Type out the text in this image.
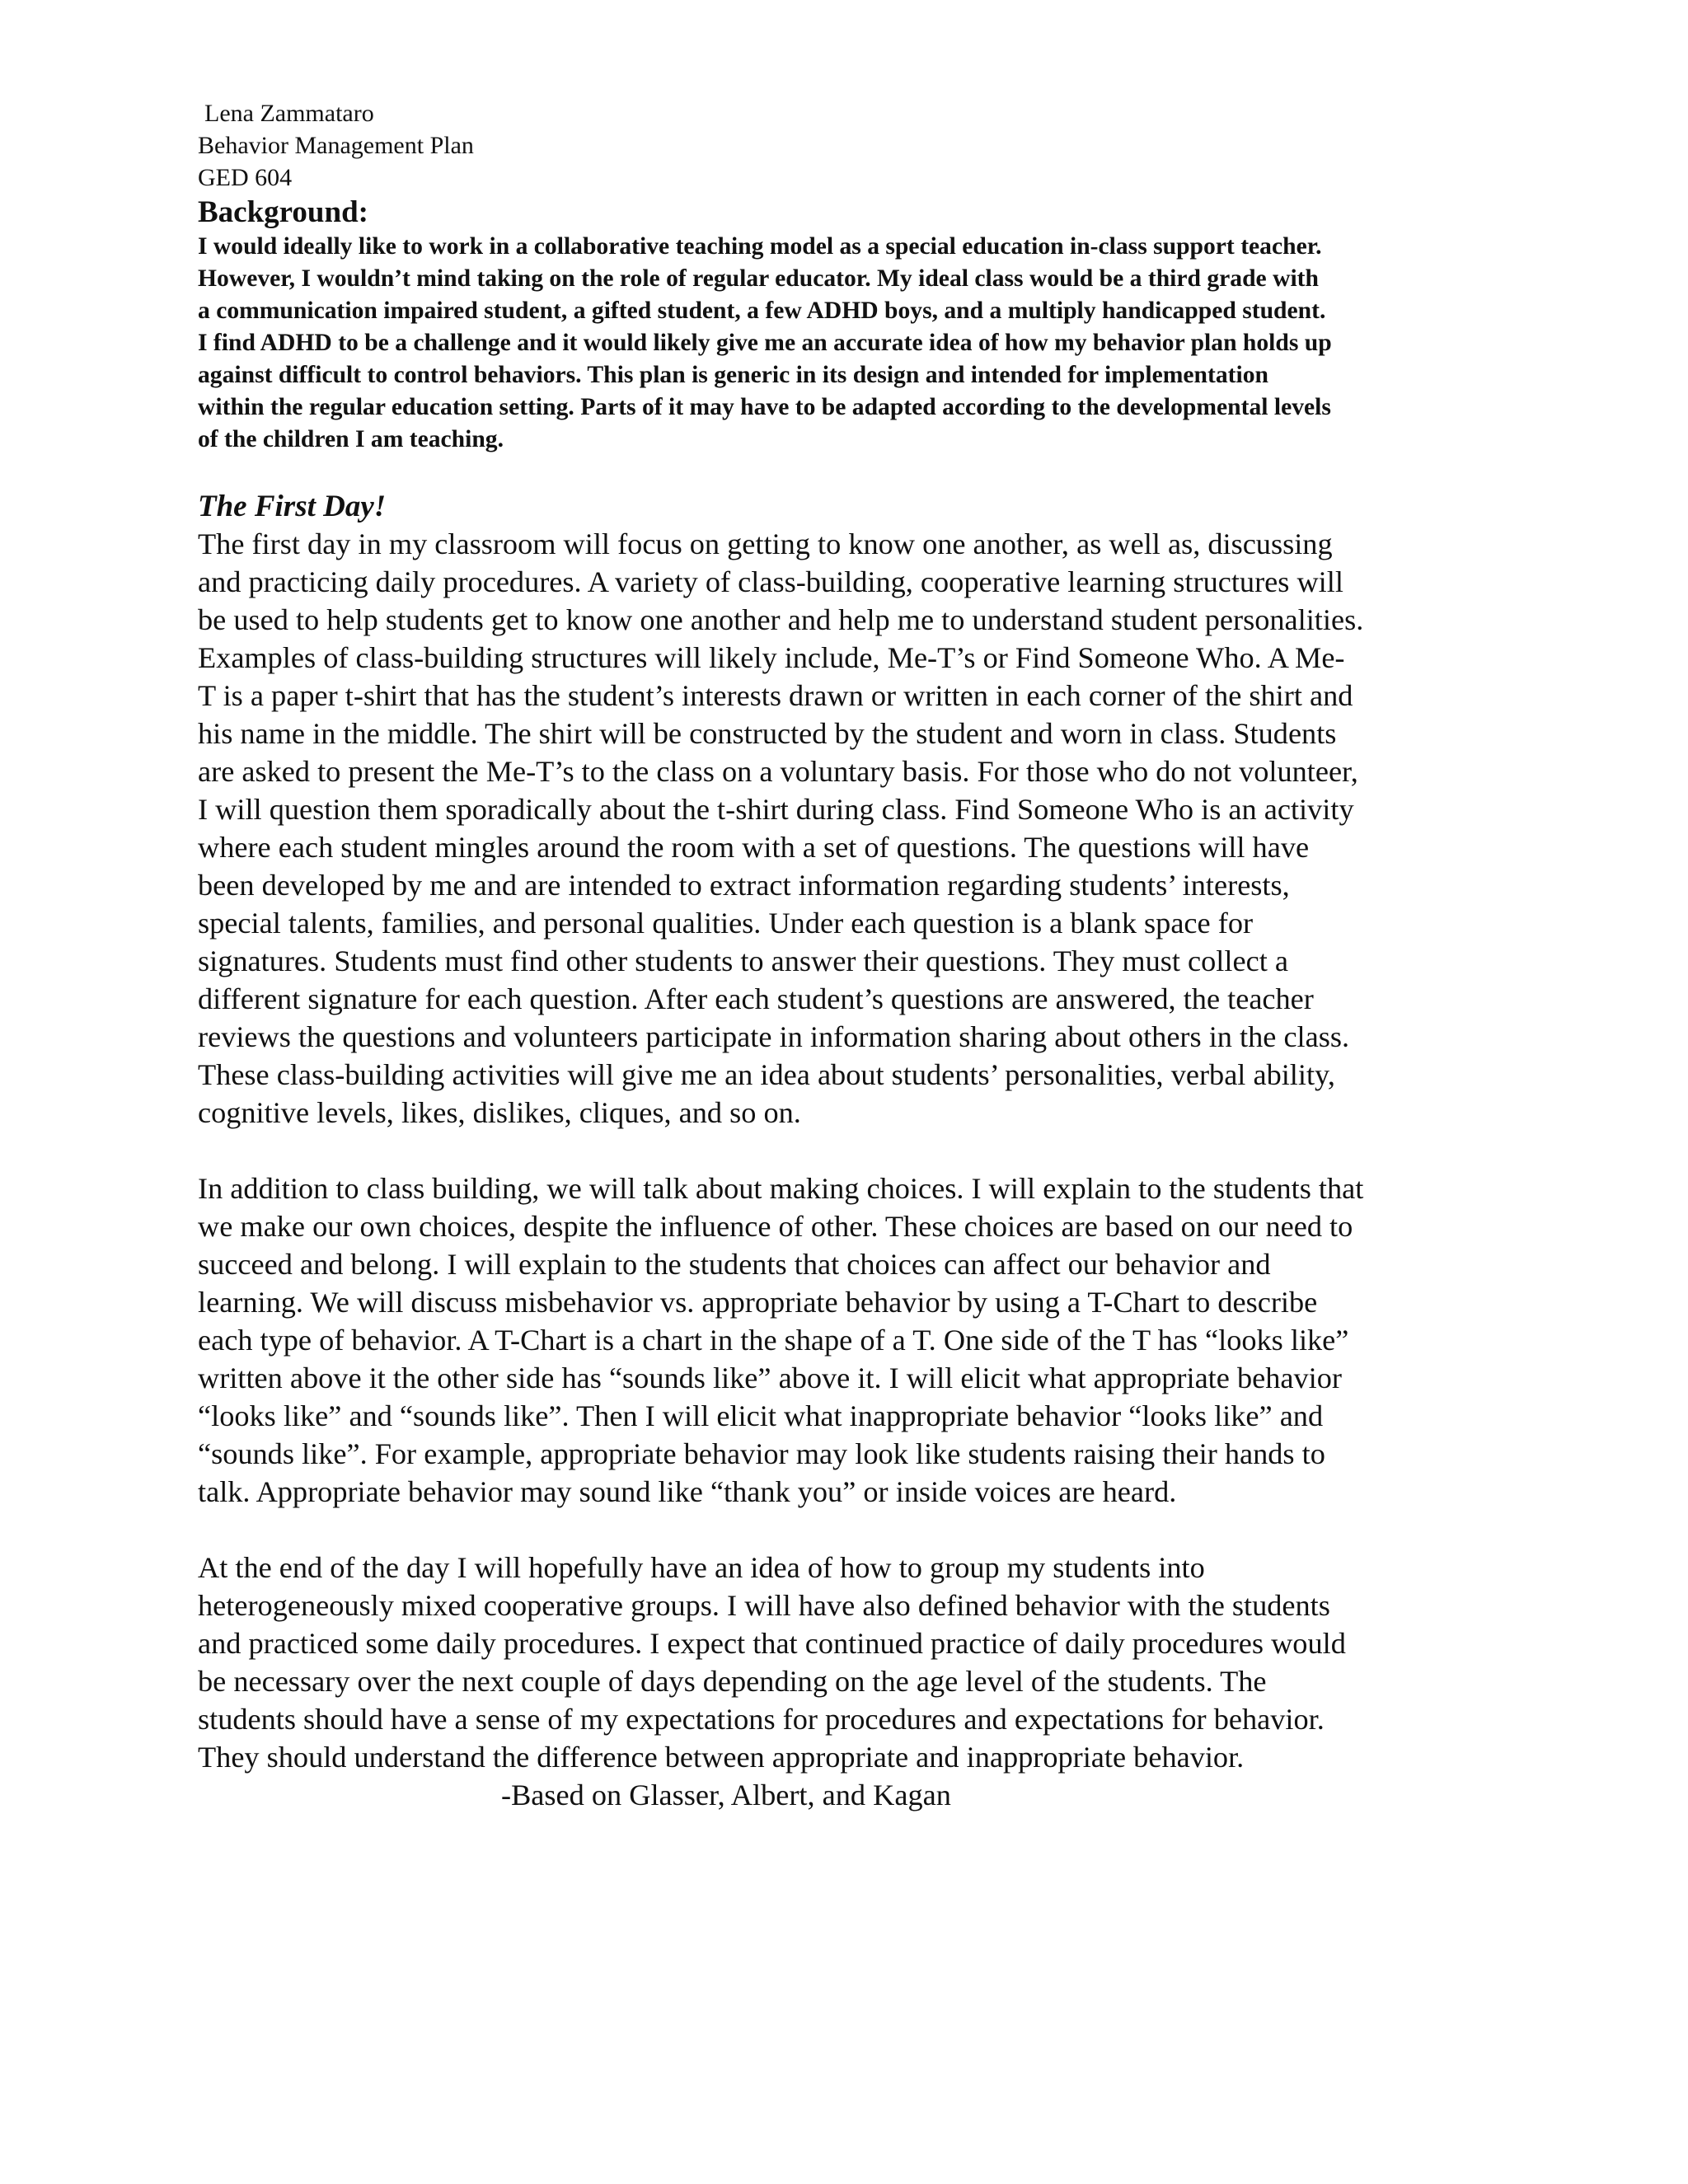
Lena Zammataro
Behavior Management Plan
GED 604
Background:

I would ideally like to work in a collaborative teaching model as a special education in-class support teacher.
However, I wouldn’t mind taking on the role of regular educator. My ideal class would be a third grade with
a communication impaired student, a gifted student, a few ADHD boys, and a multiply handicapped student.
I find ADHD to be a challenge and it would likely give me an accurate idea of how my behavior plan holds up
against difficult to control behaviors. This plan is generic in its design and intended for implementation
within the regular education setting. Parts of it may have to be adapted according to the developmental levels
of the children I am teaching.

The First Day!

The first day in my classroom will focus on getting to know one another, as well as, discussing
and practicing daily procedures. A variety of class-building, cooperative learning structures will
be used to help students get to know one another and help me to understand student personalities.
Examples of class-building structures will likely include, Me-T’s or Find Someone Who. A Me-
T is a paper t-shirt that has the student’s interests drawn or written in each corner of the shirt and
his name in the middle. The shirt will be constructed by the student and worn in class. Students
are asked to present the Me-T’s to the class on a voluntary basis. For those who do not volunteer,
I will question them sporadically about the t-shirt during class. Find Someone Who is an activity
where each student mingles around the room with a set of questions. The questions will have
been developed by me and are intended to extract information regarding students’ interests,
special talents, families, and personal qualities. Under each question is a blank space for
signatures. Students must find other students to answer their questions. They must collect a
different signature for each question. After each student’s questions are answered, the teacher
reviews the questions and volunteers participate in information sharing about others in the class.
These class-building activities will give me an idea about students’ personalities, verbal ability,
cognitive levels, likes, dislikes, cliques, and so on.

In addition to class building, we will talk about making choices. I will explain to the students that
we make our own choices, despite the influence of other. These choices are based on our need to
succeed and belong. I will explain to the students that choices can affect our behavior and
learning. We will discuss misbehavior vs. appropriate behavior by using a T-Chart to describe
each type of behavior. A T-Chart is a chart in the shape of a T. One side of the T has “looks like”
written above it the other side has “sounds like” above it. I will elicit what appropriate behavior
“looks like” and “sounds like”. Then I will elicit what inappropriate behavior “looks like” and
“sounds like”. For example, appropriate behavior may look like students raising their hands to
talk. Appropriate behavior may sound like “thank you” or inside voices are heard.

At the end of the day I will hopefully have an idea of how to group my students into
heterogeneously mixed cooperative groups. I will have also defined behavior with the students
and practiced some daily procedures. I expect that continued practice of daily procedures would
be necessary over the next couple of days depending on the age level of the students. The
students should have a sense of my expectations for procedures and expectations for behavior.
They should understand the difference between appropriate and inappropriate behavior.

-Based on Glasser, Albert, and Kagan
